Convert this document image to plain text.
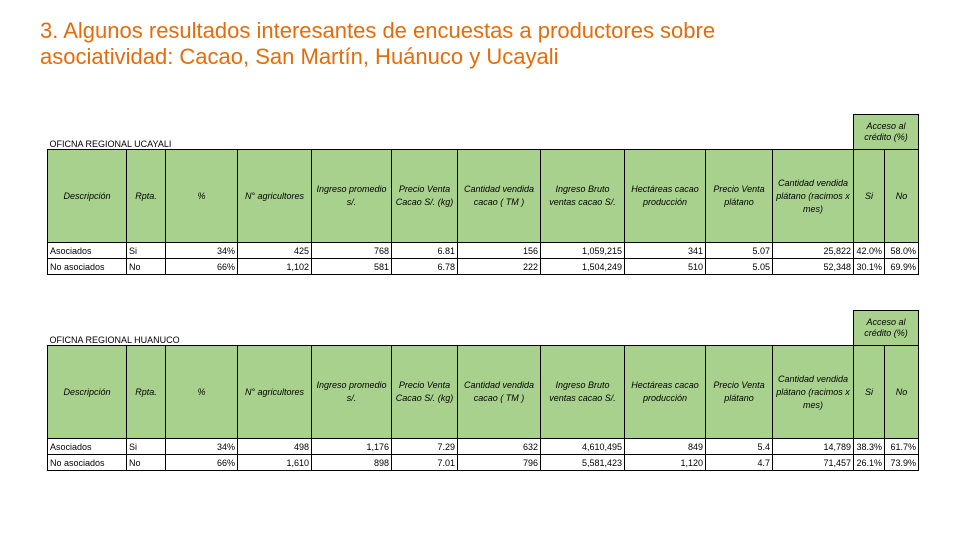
3. Algunos resultados interesantes de encuestas a productores sobre
asociatividad: Cacao, San Martín, Huánuco y Ucayali
OFICNA REGIONAL UCAYALI											Acceso al crédito (%)	
Descripción	Rpta.	%	N° agricultores	Ingreso promedio s/.	Precio Venta Cacao S/. (kg)	Cantidad vendida cacao ( TM )	Ingreso Bruto ventas cacao S/.	Hectáreas cacao producción	Precio Venta plátano	Cantidad vendida plátano (racimos x mes)	Si	No
Asociados	Si	34%	425	768	6.81	156	1,059,215	341	5.07	25,822	42.0%	58.0%
No asociados	No	66%	1,102	581	6.78	222	1,504,249	510	5.05	52,348	30.1%	69.9%
OFICNA REGIONAL HUANUCO											Acceso al crédito (%)	
Descripción	Rpta.	%	N° agricultores	Ingreso promedio s/.	Precio Venta Cacao S/. (kg)	Cantidad vendida cacao ( TM )	Ingreso Bruto ventas cacao S/.	Hectáreas cacao producción	Precio Venta plátano	Cantidad vendida plátano (racimos x mes)	Si	No
Asociados	Si	34%	498	1,176	7.29	632	4,610,495	849	5.4	14,789	38.3%	61.7%
No asociados	No	66%	1,610	898	7.01	796	5,581,423	1,120	4.7	71,457	26.1%	73.9%
